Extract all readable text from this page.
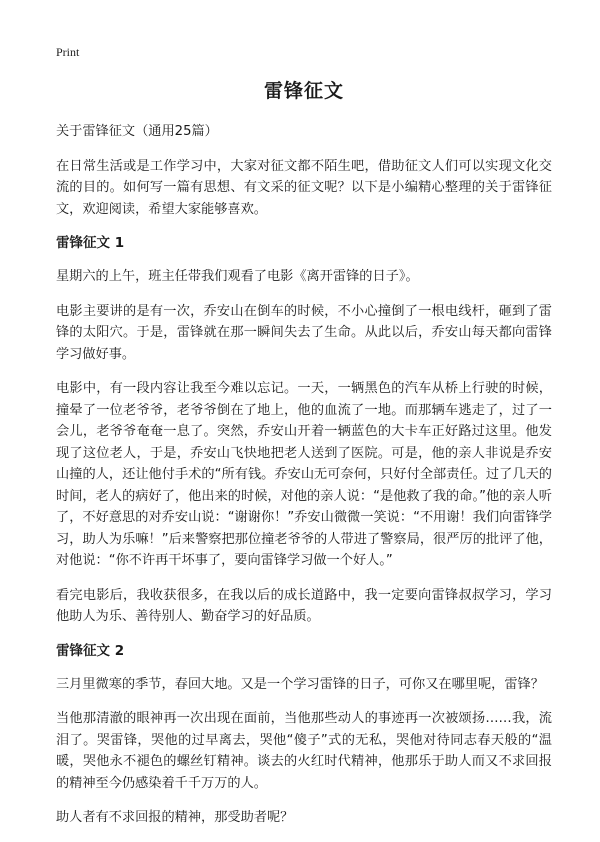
Print
雷锋征文

关于雷锋征文（通用25篇）

在日常生活或是工作学习中，大家对征文都不陌生吧，借助征文人们可以实现文化交流的目的。如何写一篇有思想、有文采的征文呢？以下是小编精心整理的关于雷锋征文，欢迎阅读，希望大家能够喜欢。

雷锋征文 1

星期六的上午，班主任带我们观看了电影《离开雷锋的日子》。

电影主要讲的是有一次，乔安山在倒车的时候，不小心撞倒了一根电线杆，砸到了雷锋的太阳穴。于是，雷锋就在那一瞬间失去了生命。从此以后，乔安山每天都向雷锋学习做好事。

电影中，有一段内容让我至今难以忘记。一天，一辆黑色的汽车从桥上行驶的时候，撞晕了一位老爷爷，老爷爷倒在了地上，他的血流了一地。而那辆车逃走了，过了一会儿，老爷爷奄奄一息了。突然，乔安山开着一辆蓝色的大卡车正好路过这里。他发现了这位老人，于是，乔安山飞快地把老人送到了医院。可是，他的亲人非说是乔安山撞的人，还让他付手术的“所有钱。乔安山无可奈何，只好付全部责任。过了几天的时间，老人的病好了，他出来的时候，对他的亲人说：“是他救了我的命。”他的亲人听了，不好意思的对乔安山说：“谢谢你！”乔安山微微一笑说：“不用谢！我们向雷锋学习，助人为乐嘛！”后来警察把那位撞老爷爷的人带进了警察局，很严厉的批评了他，对他说：“你不许再干坏事了，要向雷锋学习做一个好人。”

看完电影后，我收获很多，在我以后的成长道路中，我一定要向雷锋叔叔学习，学习他助人为乐、善待别人、勤奋学习的好品质。

雷锋征文 2

三月里微寒的季节，春回大地。又是一个学习雷锋的日子，可你又在哪里呢，雷锋？

当他那清澈的眼神再一次出现在面前，当他那些动人的事迹再一次被颂扬……我，流泪了。哭雷锋，哭他的过早离去，哭他“傻子”式的无私，哭他对待同志春天般的“温暖，哭他永不褪色的螺丝钉精神。谈去的火红时代精神，他那乐于助人而又不求回报的精神至今仍感染着千千万万的人。

助人者有不求回报的精神，那受助者呢？
